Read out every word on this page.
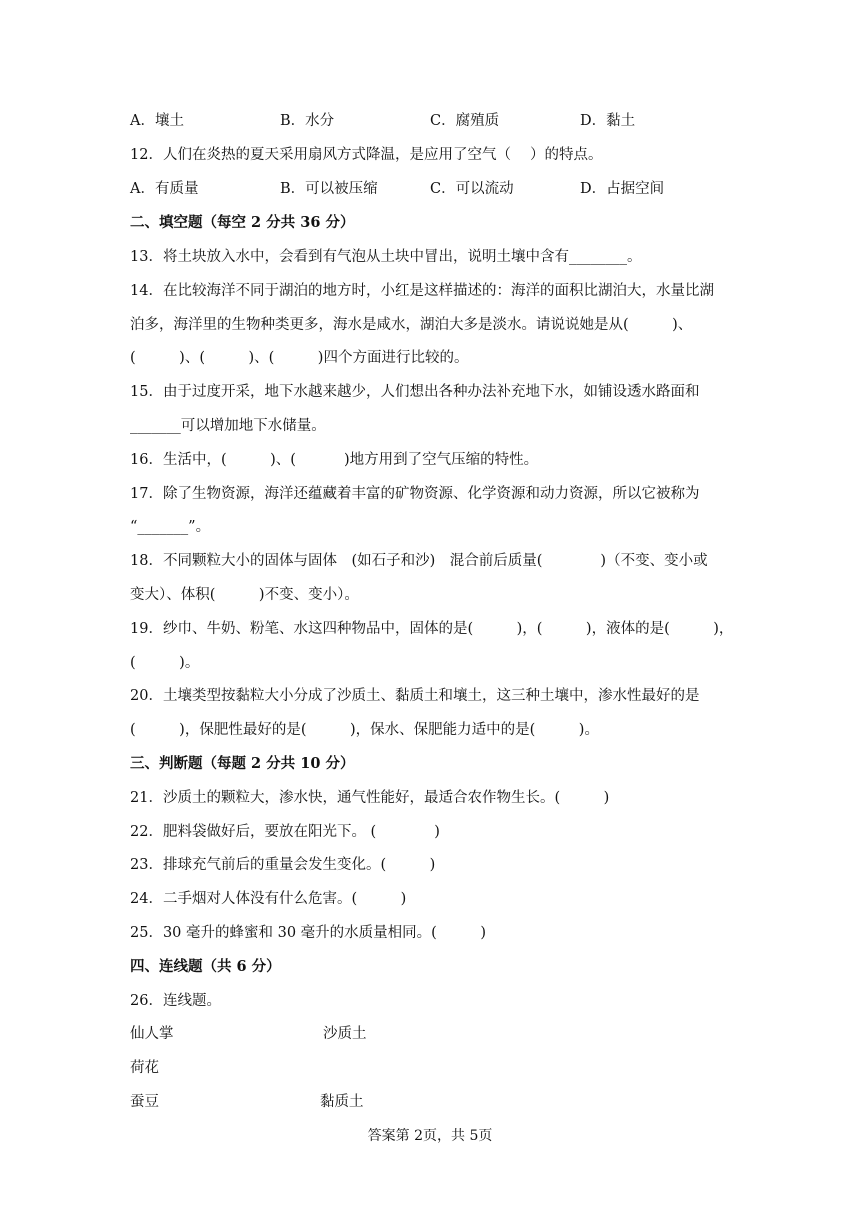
A．壤土	B．水分	C．腐殖质	D．黏土
12．人们在炎热的夏天采用扇风方式降温，是应用了空气（　 ）的特点。
A．有质量	B．可以被压缩	C．可以流动	D．占据空间
二、填空题（每空 2 分共 36 分）
13．将土块放入水中，会看到有气泡从土块中冒出，说明土壤中含有________。
14．在比较海洋不同于湖泊的地方时，小红是这样描述的：海洋的面积比湖泊大，水量比湖
泊多，海洋里的生物种类更多，海水是咸水，湖泊大多是淡水。请说说她是从(　　　)、
(　　　)、(　　　)、(　　　)四个方面进行比较的。
15．由于过度开采，地下水越来越少，人们想出各种办法补充地下水，如铺设透水路面和
_______可以增加地下水储量。
16．生活中，(　　　)、(　　　 )地方用到了空气压缩的特性。
17．除了生物资源，海洋还蕴藏着丰富的矿物资源、化学资源和动力资源，所以它被称为
“_______”。
18．不同颗粒大小的固体与固体　(如石子和沙)　混合前后质量(　　　　)（不变、变小或
变大）、体积(　　　)不变、变小）。
19．纱巾、牛奶、粉笔、水这四种物品中，固体的是(　　　)，(　　　)，液体的是(　　　)，
(　　　)。
20．土壤类型按黏粒大小分成了沙质土、黏质土和壤土，这三种土壤中，渗水性最好的是
(　　　)，保肥性最好的是(　　　)，保水、保肥能力适中的是(　　　)。
三、判断题（每题 2 分共 10 分）
21．沙质土的颗粒大，渗水快，通气性能好，最适合农作物生长。(　　　)
22．肥料袋做好后，要放在阳光下。 (　　　　)
23．排球充气前后的重量会发生变化。(　　　)
24．二手烟对人体没有什么危害。(　　　)
25．30 毫升的蜂蜜和 30 毫升的水质量相同。(　　　)
四、连线题（共 6 分）
26．连线题。
仙人掌
荷花
蚕豆
沙质土
黏质土
答案第 2页，共 5页
